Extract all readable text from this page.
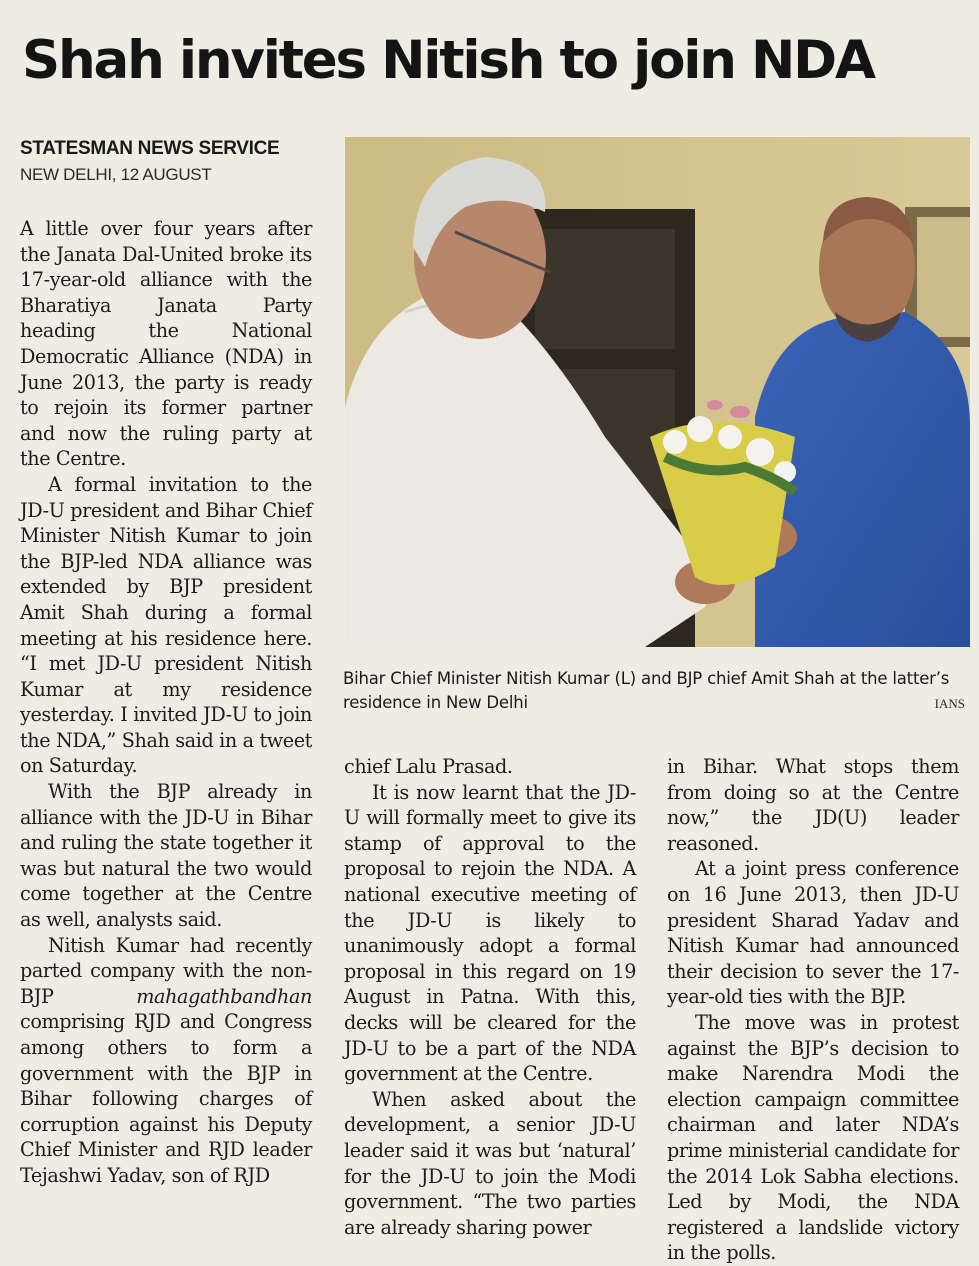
Shah invites Nitish to join NDA
STATESMAN NEWS SERVICE
NEW DELHI, 12 AUGUST

A little over four years after the Janata Dal-United broke its 17-year-old alliance with the Bharatiya Janata Party heading the National Democratic Alliance (NDA) in June 2013, the party is ready to rejoin its former partner and now the ruling party at the Centre.

A formal invitation to the JD-U president and Bihar Chief Minister Nitish Kumar to join the BJP-led NDA alliance was extended by BJP president Amit Shah during a formal meeting at his residence here. “I met JD-U president Nitish Kumar at my residence yesterday. I invited JD-U to join the NDA,” Shah said in a tweet on Saturday.

With the BJP already in alliance with the JD-U in Bihar and ruling the state together it was but natural the two would come together at the Centre as well, analysts said.

Nitish Kumar had recently parted company with the non-BJP	mahagathbandhan comprising RJD and Congress among others to form a government with the BJP in Bihar following charges of corruption against his Deputy Chief Minister and RJD leader Tejashwi Yadav, son of RJD

Bihar Chief Minister Nitish Kumar (L) and BJP chief Amit Shah at the latter’s residence in New Delhi	IANS

chief Lalu Prasad.

It is now learnt that the JD-U will formally meet to give its stamp of approval to the proposal to rejoin the NDA. A national executive meeting of the JD-U is likely to unanimously adopt a formal proposal in this regard on 19 August in Patna. With this, decks will be cleared for the JD-U to be a part of the NDA government at the Centre.

When asked about the development, a senior JD-U leader said it was but ‘natural’ for the JD-U to join the Modi government. “The two parties are already sharing power

in Bihar. What stops them from doing so at the Centre now,” the JD(U) leader reasoned.

At a joint press conference on 16 June 2013, then JD-U president Sharad Yadav and Nitish Kumar had announced their decision to sever the 17-year-old ties with the BJP.

The move was in protest against the BJP’s decision to make Narendra Modi the election campaign committee chairman and later NDA’s prime ministerial candidate for the 2014 Lok Sabha elections. Led by Modi, the NDA registered a landslide victory in the polls.
